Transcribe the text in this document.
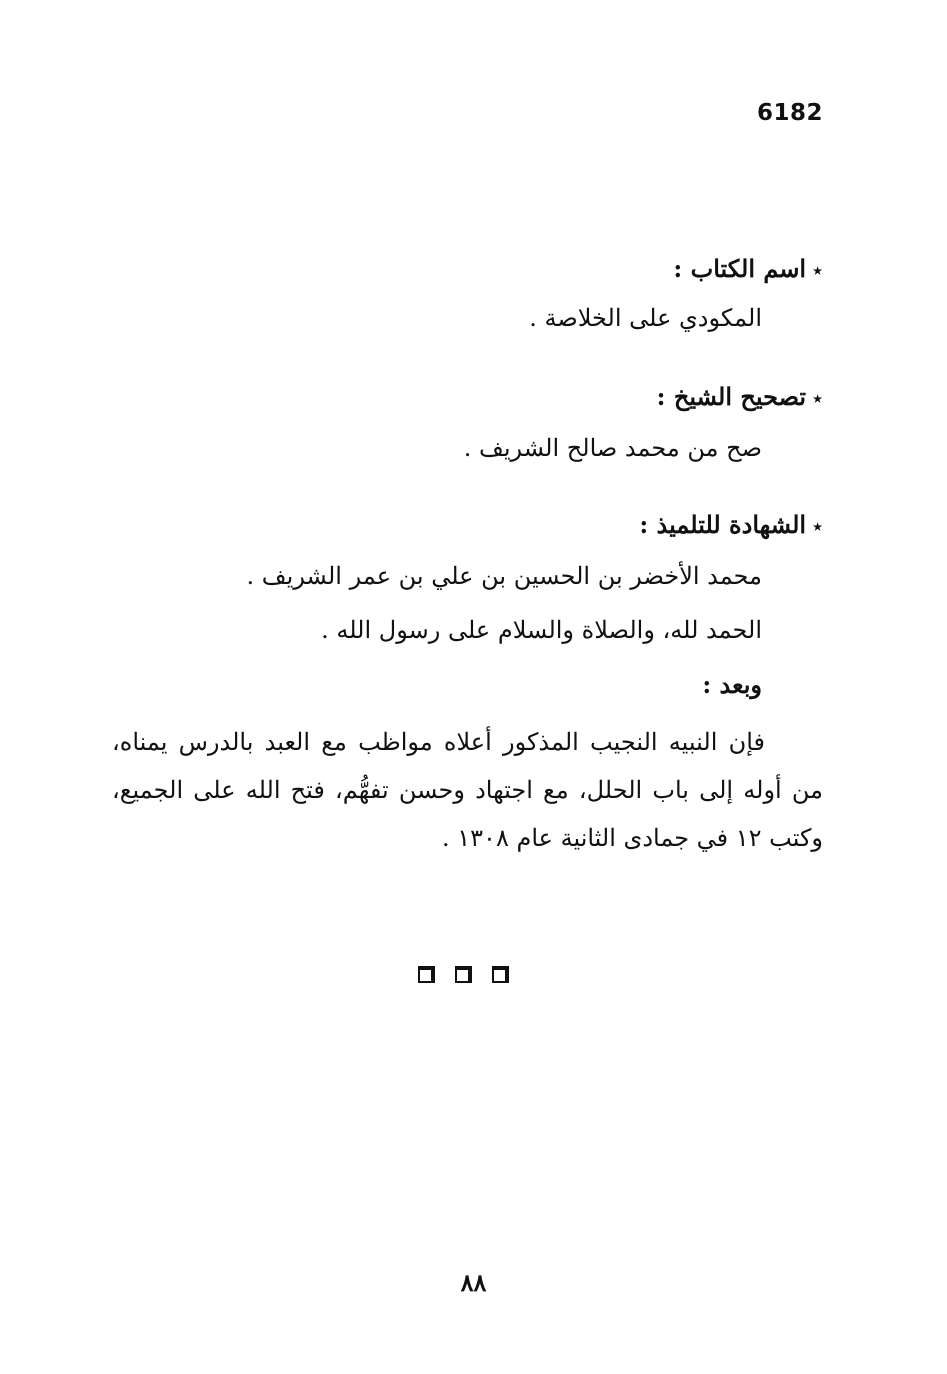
6182
٭اسم الكتاب :
المكودي على الخلاصة .
٭تصحيح الشيخ :
صح من محمد صالح الشريف .
٭الشهادة للتلميذ :
محمد الأخضر بن الحسين بن علي بن عمر الشريف .
الحمد لله، والصلاة والسلام على رسول الله .
وبعد :
فإن النبيه النجيب المذكور أعلاه مواظب مع العبد بالدرس يمناه، من أوله إلى باب الحلل، مع اجتهاد وحسن تفهُّم، فتح الله على الجميع، وكتب ١٢ في جمادى الثانية عام ١٣٠٨ .
٨٨
